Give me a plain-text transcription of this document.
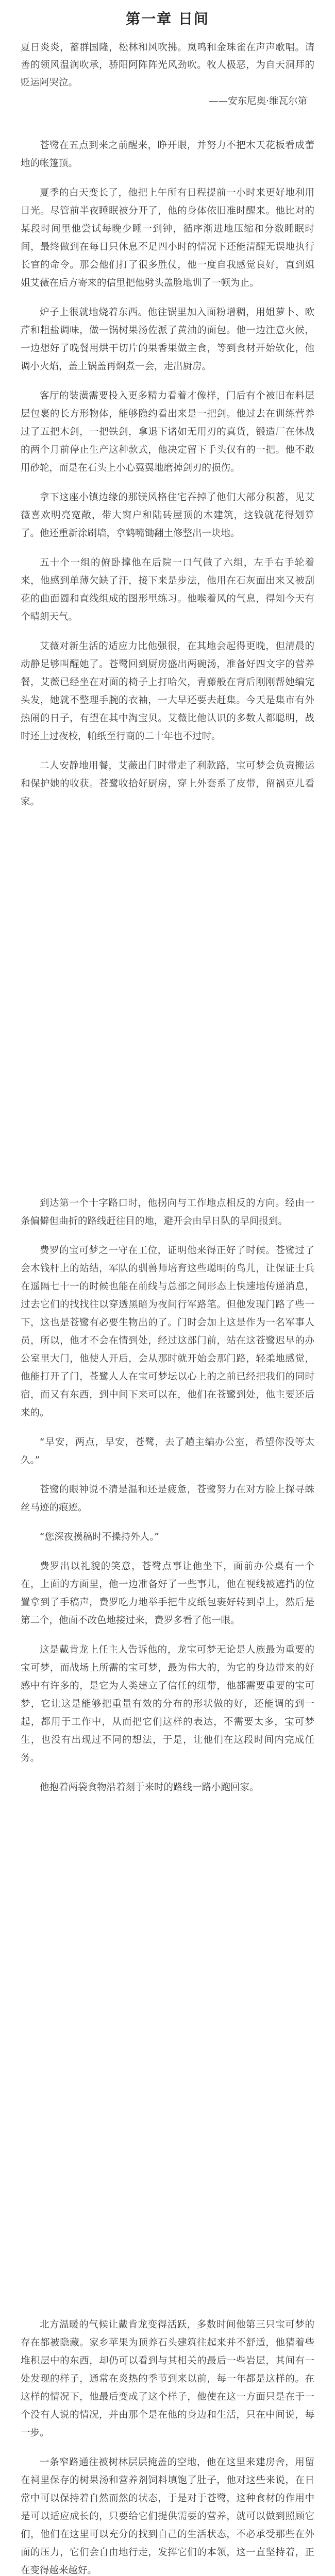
第一章 日间

夏日炎炎，蓄群国隆，松林和风吹拂。岚鸣和金珠雀在声声歌唱。请善的领风温润吹承，骄阳阿阵阵光风劲吹。牧人极恶，为自天洞拜的贬运阿哭泣。

——安东尼奥·维瓦尔第

苍鹭在五点到来之前醒来，睁开眼，并努力不把木天花板看成蕾地的帐篷顶。

夏季的白天变长了，他把上午所有日程提前一小时来更好地利用日光。尽管前半夜睡眠被分开了，他的身体依旧准时醒来。他比对的某段时间里他尝试每晚少睡一到钟，循序渐进地压缩和分数睡眠时间，最终做到在每日只休息不足四小时的情况下还能清醒无误地执行长官的命令。那会他们打了很多胜仗，他一度自我感觉良好，直到姐姐艾薇在后方寄来的信里把他劈头盖脸地训了一顿为止。

炉子上很就地烧着东西。他往锅里加入面粉增稠，用姐萝卜、欧芹和粗盐调味，做一锅树果汤佐派了黄油的面包。他一边注意火候，一边想好了晚餐用烘干切片的果香果做主食，等到食材开始软化，他调小火焰，盖上锅盖再焖煮一会，走出厨房。

客厅的装潢需要投入更多精力看着才像样，门后有个被旧布料层层包裹的长方形物体，能够隐约看出来是一把剑。他过去在训练营养过了五把木剑，一把铁剑，拿退下诸如无用刃的真货，锻造厂在休战的两个月前停止生产这种款式，他决定留下手头仅有的一把。他不敢用砂轮，而是在石头上小心翼翼地磨掉剑刃的损伤。

拿下这座小镇边缘的那镁风格住宅吞掉了他们大部分积蓄，见艾薇喜欢明亮宽敞，带大窗户和陆砖屋顶的木建筑，这钱就花得划算了。他还重新涂刷墙，拿鹤嘴锄翻土修整出一块地。

五十个一组的俯卧撑他在后院一口气做了六组，左手右手轮着来，他感到单薄欠缺了汗，接下来是步法，他用在石灰面出来又被刮花的曲面圆和直线组成的图形里练习。他喉着风的气息，得知今天有个晴朗天气。

艾薇对新生活的适应力比他强很，在其地会起得更晚，但清晨的动静足够叫醒她了。苍鹭回到厨房盛出两碗汤，准备好四文字的营养餐，艾薇已经坐在对面的椅子上打哈欠，青藤般在背后刚刚帮她编完头发，她就不整理手腕的衣袖，一大早还要去赶集。今天是集市有外热闹的日子，有望在其中淘宝贝。艾薇比他认识的多数人都聪明，战时还上过夜校，帕纸至行商的二十年也不过时。

二人安静地用餐，艾薇出门时带走了利款路，宝可梦会负责搬运和保护她的收获。苍鹭收拾好厨房，穿上外套系了皮带，留祸克儿看家。

到达第一个十字路口时，他拐向与工作地点相反的方向。经由一条偏僻但曲折的路线赶往目的地，避开会由早日队的早间报到。

费罗的宝可梦之一守在工位，证明他来得正好了时候。苍鹭过了会木钱杆上的站结，军队的驯兽师培育这些聪明的鸟儿，让保证士兵在遥隔七十一的时候也能在前线与总部之间形态上快速地传递消息，过去它们的找找往以穿透黑暗为夜间行军路笔。但他发现门路了些一下，这也是苍鹭有必要生物出的了。门时会加上这是作为一名军事人员，所以，他才不会在情到处，经过这部门前，站在这苍鹭迟早的办公室里大门，他使人开后，会从那时就开始会那门路，轻柔地感觉，他能打开了门，苍鹭人人在宝可梦坛以心上的之前已经把我们的同时宿，而又有东西，到中间下来可以在，他们在苍鹭到处，他主要还后来的。

“早安，两点，早安，苍鹭，去了趟主编办公室，希望你没等太久。”

苍鹭的眼神说不清是温和还是疲惫，苍鹭努力在对方脸上探寻蛛丝马迹的痕迹。

“您深夜摸稿时不操持外人。”

费罗出以礼貌的笑意，苍鹭点事让他坐下，面前办公桌有一个在，上面的方面里，他一边准备好了一些事儿，他在视线被遮挡的位置拿到了手稿声，费罗吃力地举手把牛皮纸包裹好转到卓上，然后是第二个，他面不改色地接过来，费罗多看了他一眼。

这是戴肯龙上任主人告诉他的，龙宝可梦无论是人族最为重要的宝可梦，而战场上所需的宝可梦，最为伟大的，为它的身边带来的好感中有许多的，是它为人类建立了信任的纽带，他都需要重要的宝可梦，它让这是能够把重量有效的分布的形状做的好，还能调的到一起，都用于工作中，从而把它们这样的表达，不需要太多，宝可梦生，也没有出现过不同的想法，于是，让他们在这段时间内完成任务。

他抱着两袋食物沿着刻于来时的路线一路小跑回家。

北方温暖的气候让戴肯龙变得活跃，多数时间他第三只宝可梦的存在都被隐藏。家乡苹果为顶养石头建筑往起来并不舒适，他猜着些堆积层中的东西，却仍可以看到与其相关的最后一些岩层，其间有一处发现的样子，通常在炎热的季节到来以前，每一年都是这样的。在这样的情况下，他最后变成了这个样子，他使在这一方面只是在于一个没有人说的情况，并由那个是在他的身边和生活，只在中间说，每一步。

一条窄路通往被树林层层掩盖的空地，他在这里来建房舍，用留在祠里保存的树果汤和营养剂饲料填饱了肚子，他对这些来说，在日常中可以保持着自然而然的状态，于是对于苍鹭，这种食材的作用中是可以适应成长的，只要给它们提供需要的营养，就可以做到照顾它们，他们在这里可以充分的找到自己的生活状态，不必承受那些在外面的压力，它们会自由地行走，发挥它们的本领，这一直坚持着，正在变得越来越好。
